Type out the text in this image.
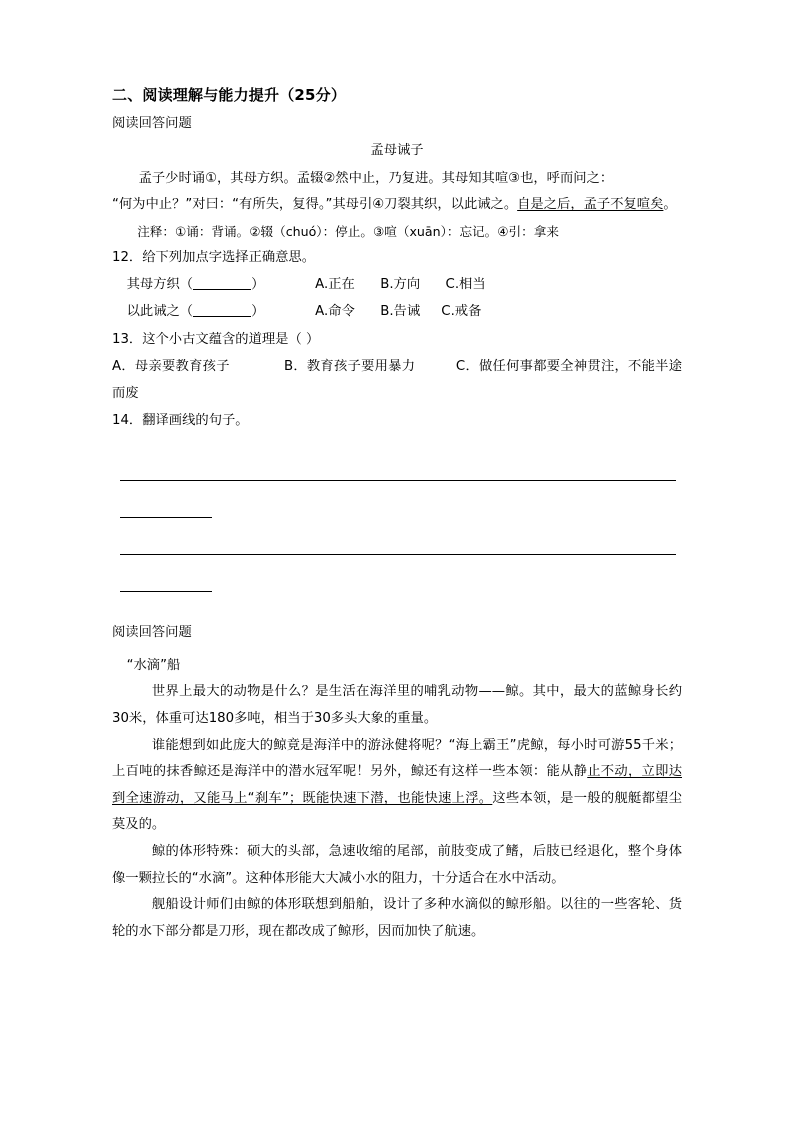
二、阅读理解与能力提升（25分）

阅读回答问题

孟母诫子

孟子少时诵①，其母方织。孟辍②然中止，乃复进。其母知其喧③也，呼而问之：

“何为中止？”对曰：“有所失，复得。”其母引④刀裂其织，以此诫之。自是之后，孟子不复喧矣。

注释：①诵：背诵。②辍（chuó）：停止。③喧（xuān）：忘记。④引：拿来

12．给下列加点字选择正确意思。

其母方织（	）	A.正在 B.方向 C.相当
以此诫之（	）	A.命令 B.告诫 C.戒备

13．这个小古文蕴含的道理是（ ）

A．母亲要教育孩子　　　　B．教育孩子要用暴力　　　C．做任何事都要全神贯注，不能半途而废

14．翻译画线的句子。

阅读回答问题

“水滴”船

世界上最大的动物是什么？是生活在海洋里的哺乳动物——鲸。其中，最大的蓝鲸身长约30米，体重可达180多吨，相当于30多头大象的重量。

谁能想到如此庞大的鲸竟是海洋中的游泳健将呢？“海上霸王”虎鲸，每小时可游55千米；上百吨的抹香鲸还是海洋中的潜水冠军呢！另外，鲸还有这样一些本领：能从静止不动，立即达到全速游动，又能马上“刹车”；既能快速下潜，也能快速上浮。这些本领，是一般的舰艇都望尘莫及的。

鲸的体形特殊：硕大的头部，急速收缩的尾部，前肢变成了鳍，后肢已经退化，整个身体像一颗拉长的“水滴”。这种体形能大大减小水的阻力，十分适合在水中活动。

舰船设计师们由鲸的体形联想到船舶，设计了多种水滴似的鲸形船。以往的一些客轮、货轮的水下部分都是刀形，现在都改成了鲸形，因而加快了航速。
